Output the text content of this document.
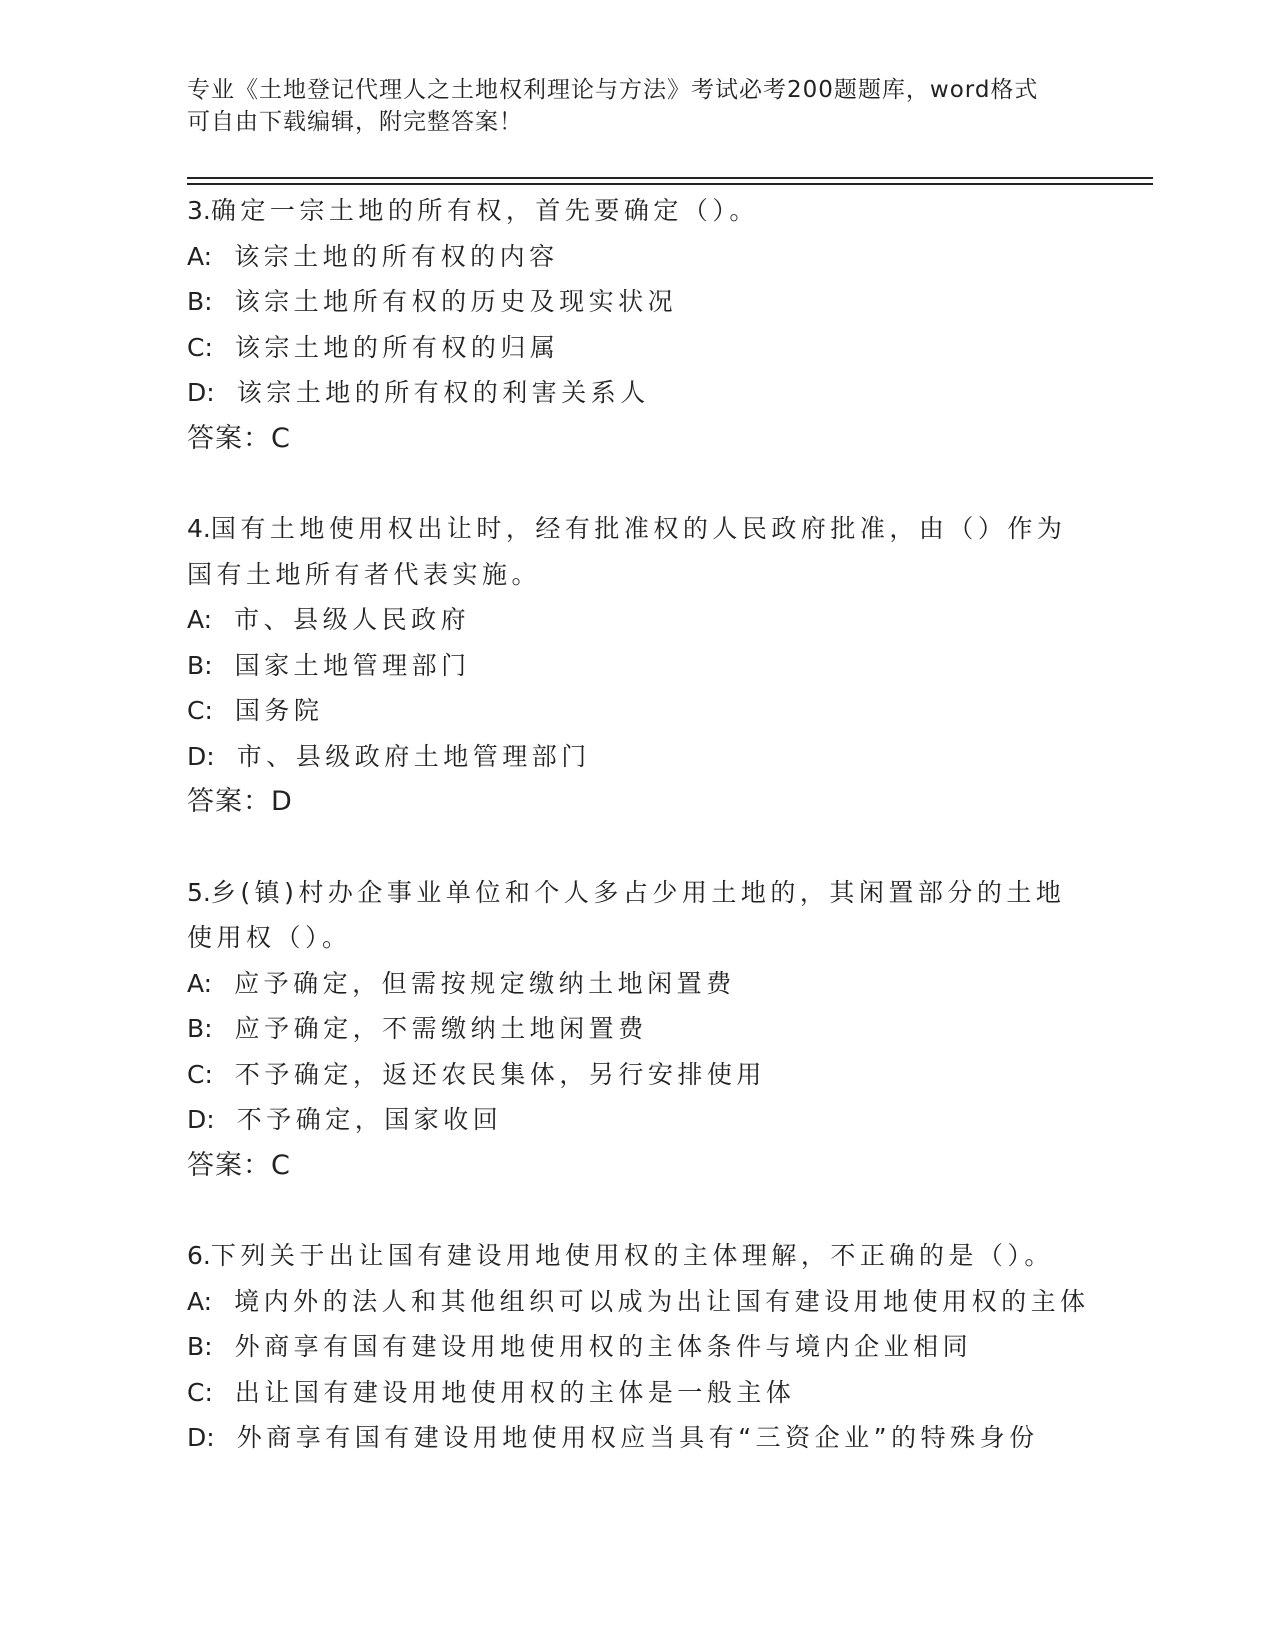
专业《土地登记代理人之土地权利理论与方法》考试必考200题题库，word格式
可自由下载编辑，附完整答案！
3.确定一宗土地的所有权，首先要确定（）。
A: 该宗土地的所有权的内容
B: 该宗土地所有权的历史及现实状况
C: 该宗土地的所有权的归属
D: 该宗土地的所有权的利害关系人
答案：C
4.国有土地使用权出让时，经有批准权的人民政府批准，由（）作为
国有土地所有者代表实施。
A: 市、县级人民政府
B: 国家土地管理部门
C: 国务院
D: 市、县级政府土地管理部门
答案：D
5.乡(镇)村办企事业单位和个人多占少用土地的，其闲置部分的土地
使用权（）。
A: 应予确定，但需按规定缴纳土地闲置费
B: 应予确定，不需缴纳土地闲置费
C: 不予确定，返还农民集体，另行安排使用
D: 不予确定，国家收回
答案：C
6.下列关于出让国有建设用地使用权的主体理解，不正确的是（）。
A: 境内外的法人和其他组织可以成为出让国有建设用地使用权的主体
B: 外商享有国有建设用地使用权的主体条件与境内企业相同
C: 出让国有建设用地使用权的主体是一般主体
D: 外商享有国有建设用地使用权应当具有“三资企业”的特殊身份
